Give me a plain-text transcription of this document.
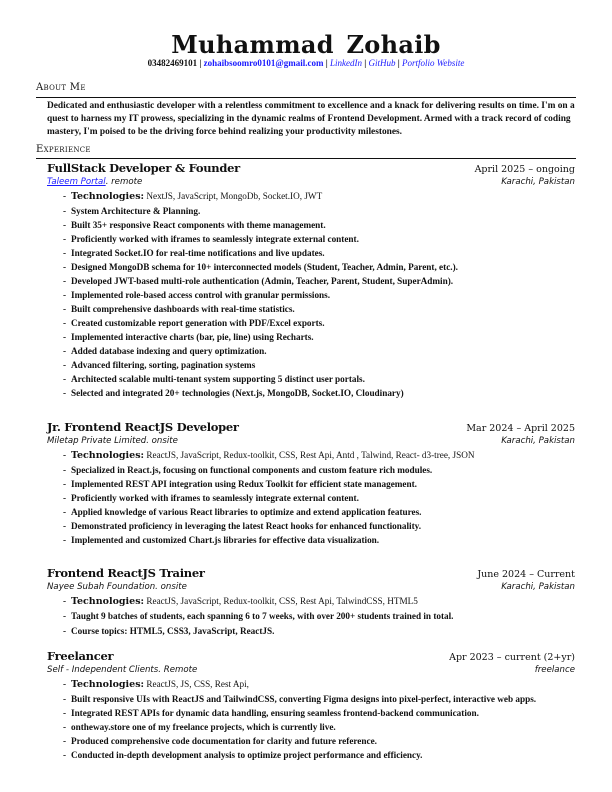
Muhammad Zohaib
03482469101 | zohaibsoomro0101@gmail.com | LinkedIn | GitHub | Portfolio Website
About Me
Dedicated and enthusiastic developer with a relentless commitment to excellence and a knack for delivering results on time. I'm on a quest to harness my IT prowess, specializing in the dynamic realms of Frontend Development. Armed with a track record of coding mastery, I'm poised to be the driving force behind realizing your productivity milestones.
Experience
FullStack Developer & Founder	April 2025 – ongoing
Taleem Portal. remote	Karachi, Pakistan
- Technologies: NextJS, JavaScript, MongoDb, Socket.IO, JWT
- System Architecture & Planning.
- Built 35+ responsive React components with theme management.
- Proficiently worked with iframes to seamlessly integrate external content.
- Integrated Socket.IO for real-time notifications and live updates.
- Designed MongoDB schema for 10+ interconnected models (Student, Teacher, Admin, Parent, etc.).
- Developed JWT-based multi-role authentication (Admin, Teacher, Parent, Student, SuperAdmin).
- Implemented role-based access control with granular permissions.
- Built comprehensive dashboards with real-time statistics.
- Created customizable report generation with PDF/Excel exports.
- Implemented interactive charts (bar, pie, line) using Recharts.
- Added database indexing and query optimization.
- Advanced filtering, sorting, pagination systems
- Architected scalable multi-tenant system supporting 5 distinct user portals.
- Selected and integrated 20+ technologies (Next.js, MongoDB, Socket.IO, Cloudinary)
Jr. Frontend ReactJS Developer	Mar 2024 – April 2025
Miletap Private Limited. onsite	Karachi, Pakistan
- Technologies: ReactJS, JavaScript, Redux-toolkit, CSS, Rest Api, Antd , Talwind, React- d3-tree, JSON
- Specialized in React.js, focusing on functional components and custom feature rich modules.
- Implemented REST API integration using Redux Toolkit for efficient state management.
- Proficiently worked with iframes to seamlessly integrate external content.
- Applied knowledge of various React libraries to optimize and extend application features.
- Demonstrated proficiency in leveraging the latest React hooks for enhanced functionality.
- Implemented and customized Chart.js libraries for effective data visualization.
Frontend ReactJS Trainer	June 2024 – Current
Nayee Subah Foundation. onsite	Karachi, Pakistan
- Technologies: ReactJS, JavaScript, Redux-toolkit, CSS, Rest Api, TalwindCSS, HTML5
- Taught 9 batches of students, each spanning 6 to 7 weeks, with over 200+ students trained in total.
- Course topics: HTML5, CSS3, JavaScript, ReactJS.
Freelancer	Apr 2023 – current (2+yr)
Self - Independent Clients. Remote	freelance
- Technologies: ReactJS, JS, CSS, Rest Api,
- Built responsive UIs with ReactJS and TailwindCSS, converting Figma designs into pixel-perfect, interactive web apps.
- Integrated REST APIs for dynamic data handling, ensuring seamless frontend-backend communication.
- ontheway.store one of my freelance projects, which is currently live.
- Produced comprehensive code documentation for clarity and future reference.
- Conducted in-depth development analysis to optimize project performance and efficiency.
